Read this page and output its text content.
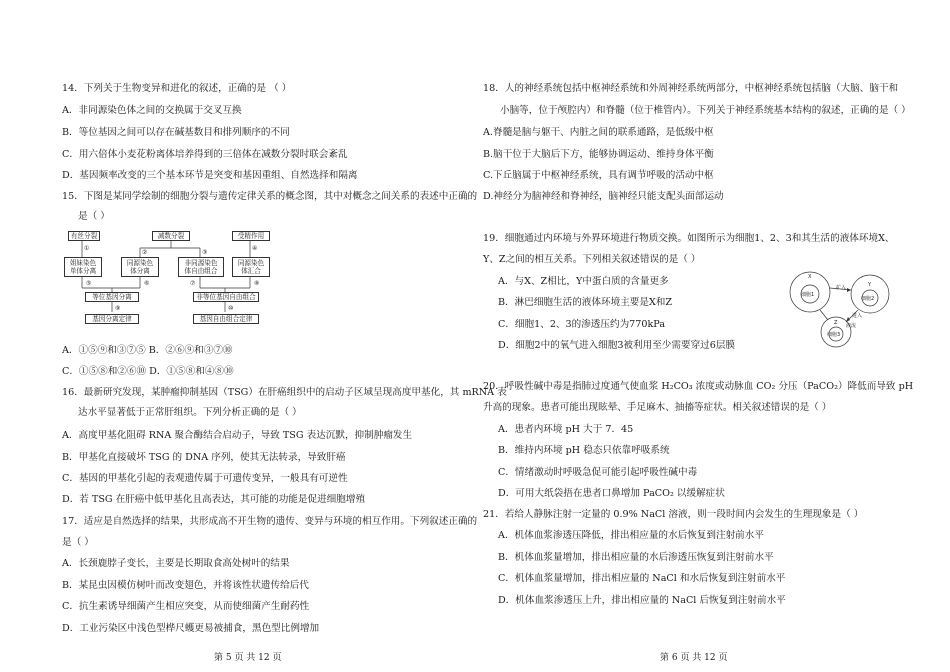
14．下列关于生物变异和进化的叙述，正确的是 （ ）
A．非同源染色体之间的交换属于交叉互换
B．等位基因之间可以存在碱基数目和排列顺序的不同
C．用六倍体小麦花粉离体培养得到的三倍体在减数分裂时联会紊乱
D．基因频率改变的三个基本环节是突变和基因重组、自然选择和隔离
15．下图是某同学绘制的细胞分裂与遗传定律关系的概念图，其中对概念之间关系的表述中正确的
是（ ）
有丝分裂	减数分裂	受精作用
姐妹染色
单体分离
同源染色
体分离
非同源染色
体自由组合
同源染色
体汇合
等位基因分离	非等位基因自由组合
基因分离定律	基因自由组合定律
①
②	③
④
⑤	⑥	⑦	⑧
⑨	⑩
A．①⑤⑨和③⑦⑤ B．②⑥⑨和③⑦⑩
C．①⑤⑧和②⑥⑩ D．①⑤⑧和④⑧⑩
16．最新研究发现，某肿瘤抑制基因（TSG）在肝癌组织中的启动子区域呈现高度甲基化，其 mRNA 表
达水平显著低于正常肝组织。下列分析正确的是（ ）
A．高度甲基化阻碍 RNA 聚合酶结合启动子，导致 TSG 表达沉默，抑制肿瘤发生
B．甲基化直接破坏 TSG 的 DNA 序列，使其无法转录，导致肝癌
C．基因的甲基化引起的表观遗传属于可遗传变异，一般具有可逆性
D．若 TSG 在肝癌中低甲基化且高表达，其可能的功能是促进细胞增殖
17．适应是自然选择的结果，共形成高不开生物的遗传、变异与环境的相互作用。下列叙述正确的
是（ ）
A．长颈鹿脖子变长，主要是长期取食高处树叶的结果
B．某昆虫因模仿树叶而改变翅色，并将该性状遗传给后代
C．抗生素诱导细菌产生相应突变，从而使细菌产生耐药性
D．工业污染区中浅色型桦尺蠖更易被捕食，黑色型比例增加
第 5 页 共 12 页
18．人的神经系统包括中枢神经系统和外周神经系统两部分，中枢神经系统包括脑（大脑、脑干和
小脑等，位于颅腔内）和脊髓（位于椎管内）。下列关于神经系统基本结构的叙述，正确的是（ ）
A.脊髓是脑与躯干、内脏之间的联系通路，是低级中枢
B.脑干位于大脑后下方，能够协调运动、维持身体平衡
C.下丘脑属于中枢神经系统，具有调节呼吸的活动中枢
D.神经分为脑神经和脊神经，脑神经只能支配头面部运动
19．细胞通过内环境与外界环境进行物质交换。如图所示为细胞1、2、3和其生活的液体环境X、
Y、Z之间的相互关系。下列相关叙述错误的是（ ）
A．与X、Z相比，Y中蛋白质的含量更多
B．淋巴细胞生活的液体环境主要是X和Z
C．细胞1、2、3的渗透压约为770kPa
D．细胞2中的氧气进入细胞3被利用至少需要穿过6层膜
X
Y
Z
细胞1
细胞2
细胞3
扩入
进入
液流
20．呼吸性碱中毒是指肺过度通气使血浆 H₂CO₃ 浓度或动脉血 CO₂ 分压（PaCO₂）降低而导致 pH
升高的现象。患者可能出现眩晕、手足麻木、抽搐等症状。相关叙述错误的是（ ）
A．患者内环境 pH 大于 7．45
B．维持内环境 pH 稳态只依靠呼吸系统
C．情绪激动时呼吸急促可能引起呼吸性碱中毒
D．可用大纸袋捂在患者口鼻增加 PaCO₂ 以缓解症状
21．若给人静脉注射一定量的 0.9% NaCl 溶液，则一段时间内会发生的生理现象是（ ）
A．机体血浆渗透压降低，排出相应量的水后恢复到注射前水平
B．机体血浆量增加，排出相应量的水后渗透压恢复到注射前水平
C．机体血浆量增加，排出相应量的 NaCl 和水后恢复到注射前水平
D．机体血浆渗透压上升，排出相应量的 NaCl 后恢复到注射前水平
第 6 页 共 12 页
